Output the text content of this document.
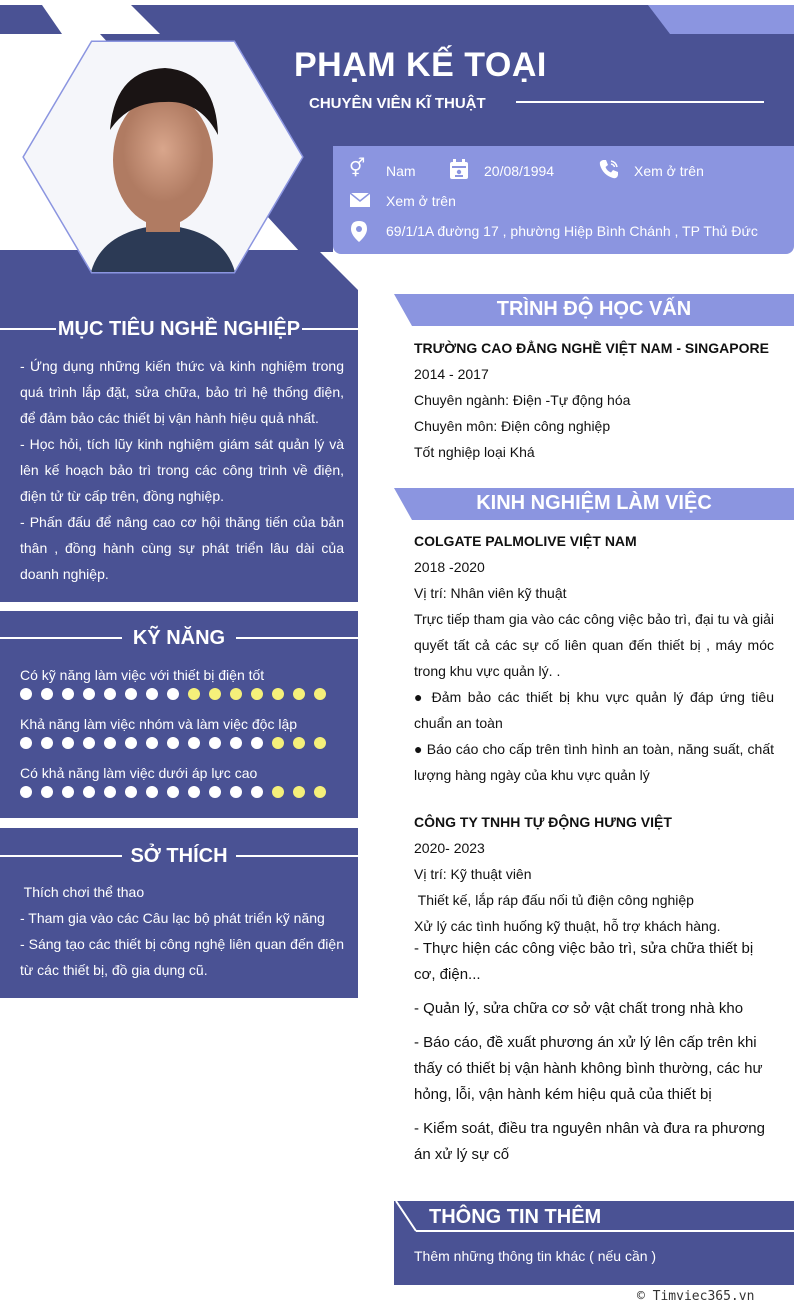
PHẠM KẾ TOẠI
CHUYÊN VIÊN KĨ THUẬT
⚥ Nam	20/08/1994	Xem ở trên
Xem ở trên
69/1/1A đường 17 , phường Hiệp Bình Chánh , TP Thủ Đức
MỤC TIÊU NGHỀ NGHIỆP
- Ứng dụng những kiến thức và kinh nghiệm trong quá trình lắp đặt, sửa chữa, bảo trì hệ thống điện, để đảm bảo các thiết bị vận hành hiệu quả nhất.
- Học hỏi, tích lũy kinh nghiệm giám sát quản lý và lên kế hoạch bảo trì trong các công trình về điện, điện tử từ cấp trên, đồng nghiệp.
- Phấn đấu để nâng cao cơ hội thăng tiến của bản thân , đồng hành cùng sự phát triển lâu dài của doanh nghiệp.
KỸ NĂNG
Có kỹ năng làm việc với thiết bị điện tốt
Khả năng làm việc nhóm và làm việc độc lập
Có khả năng làm việc dưới áp lực cao
SỞ THÍCH
Thích chơi thể thao
- Tham gia vào các Câu lạc bộ phát triển kỹ năng
- Sáng tạo các thiết bị công nghệ liên quan đến điện từ các thiết bị, đồ gia dụng cũ.
TRÌNH ĐỘ HỌC VẤN

TRƯỜNG CAO ĐẲNG NGHỀ VIỆT NAM - SINGAPORE

2014 - 2017

Chuyên ngành: Điện -Tự động hóa

Chuyên môn: Điện công nghiệp

Tốt nghiệp loại Khá

KINH NGHIỆM LÀM VIỆC

COLGATE PALMOLIVE VIỆT NAM

2018 -2020

Vị trí: Nhân viên kỹ thuật

Trực tiếp tham gia vào các công việc bảo trì, đại tu và giải quyết tất cả các sự cố liên quan đến thiết bị , máy móc trong khu vực quản lý. .

● Đảm bảo các thiết bị khu vực quản lý đáp ứng tiêu chuẩn an toàn

● Báo cáo cho cấp trên tình hình an toàn, năng suất, chất lượng hàng ngày của khu vực quản lý

CÔNG TY TNHH TỰ ĐỘNG HƯNG VIỆT

2020- 2023

Vị trí: Kỹ thuật viên

Thiết kế, lắp ráp đấu nối tủ điện công nghiệp

Xử lý các tình huống kỹ thuật, hỗ trợ khách hàng.

- Thực hiện các công việc bảo trì, sửa chữa thiết bị cơ, điện...

- Quản lý, sửa chữa cơ sở vật chất trong nhà kho

- Báo cáo, đề xuất phương án xử lý lên cấp trên khi thấy có thiết bị vận hành không bình thường, các hư hỏng, lỗi, vận hành kém hiệu quả của thiết bị

- Kiểm soát, điều tra nguyên nhân và đưa ra phương án xử lý sự cố

THÔNG TIN THÊM
Thêm những thông tin khác ( nếu cần )
© Timviec365.vn
